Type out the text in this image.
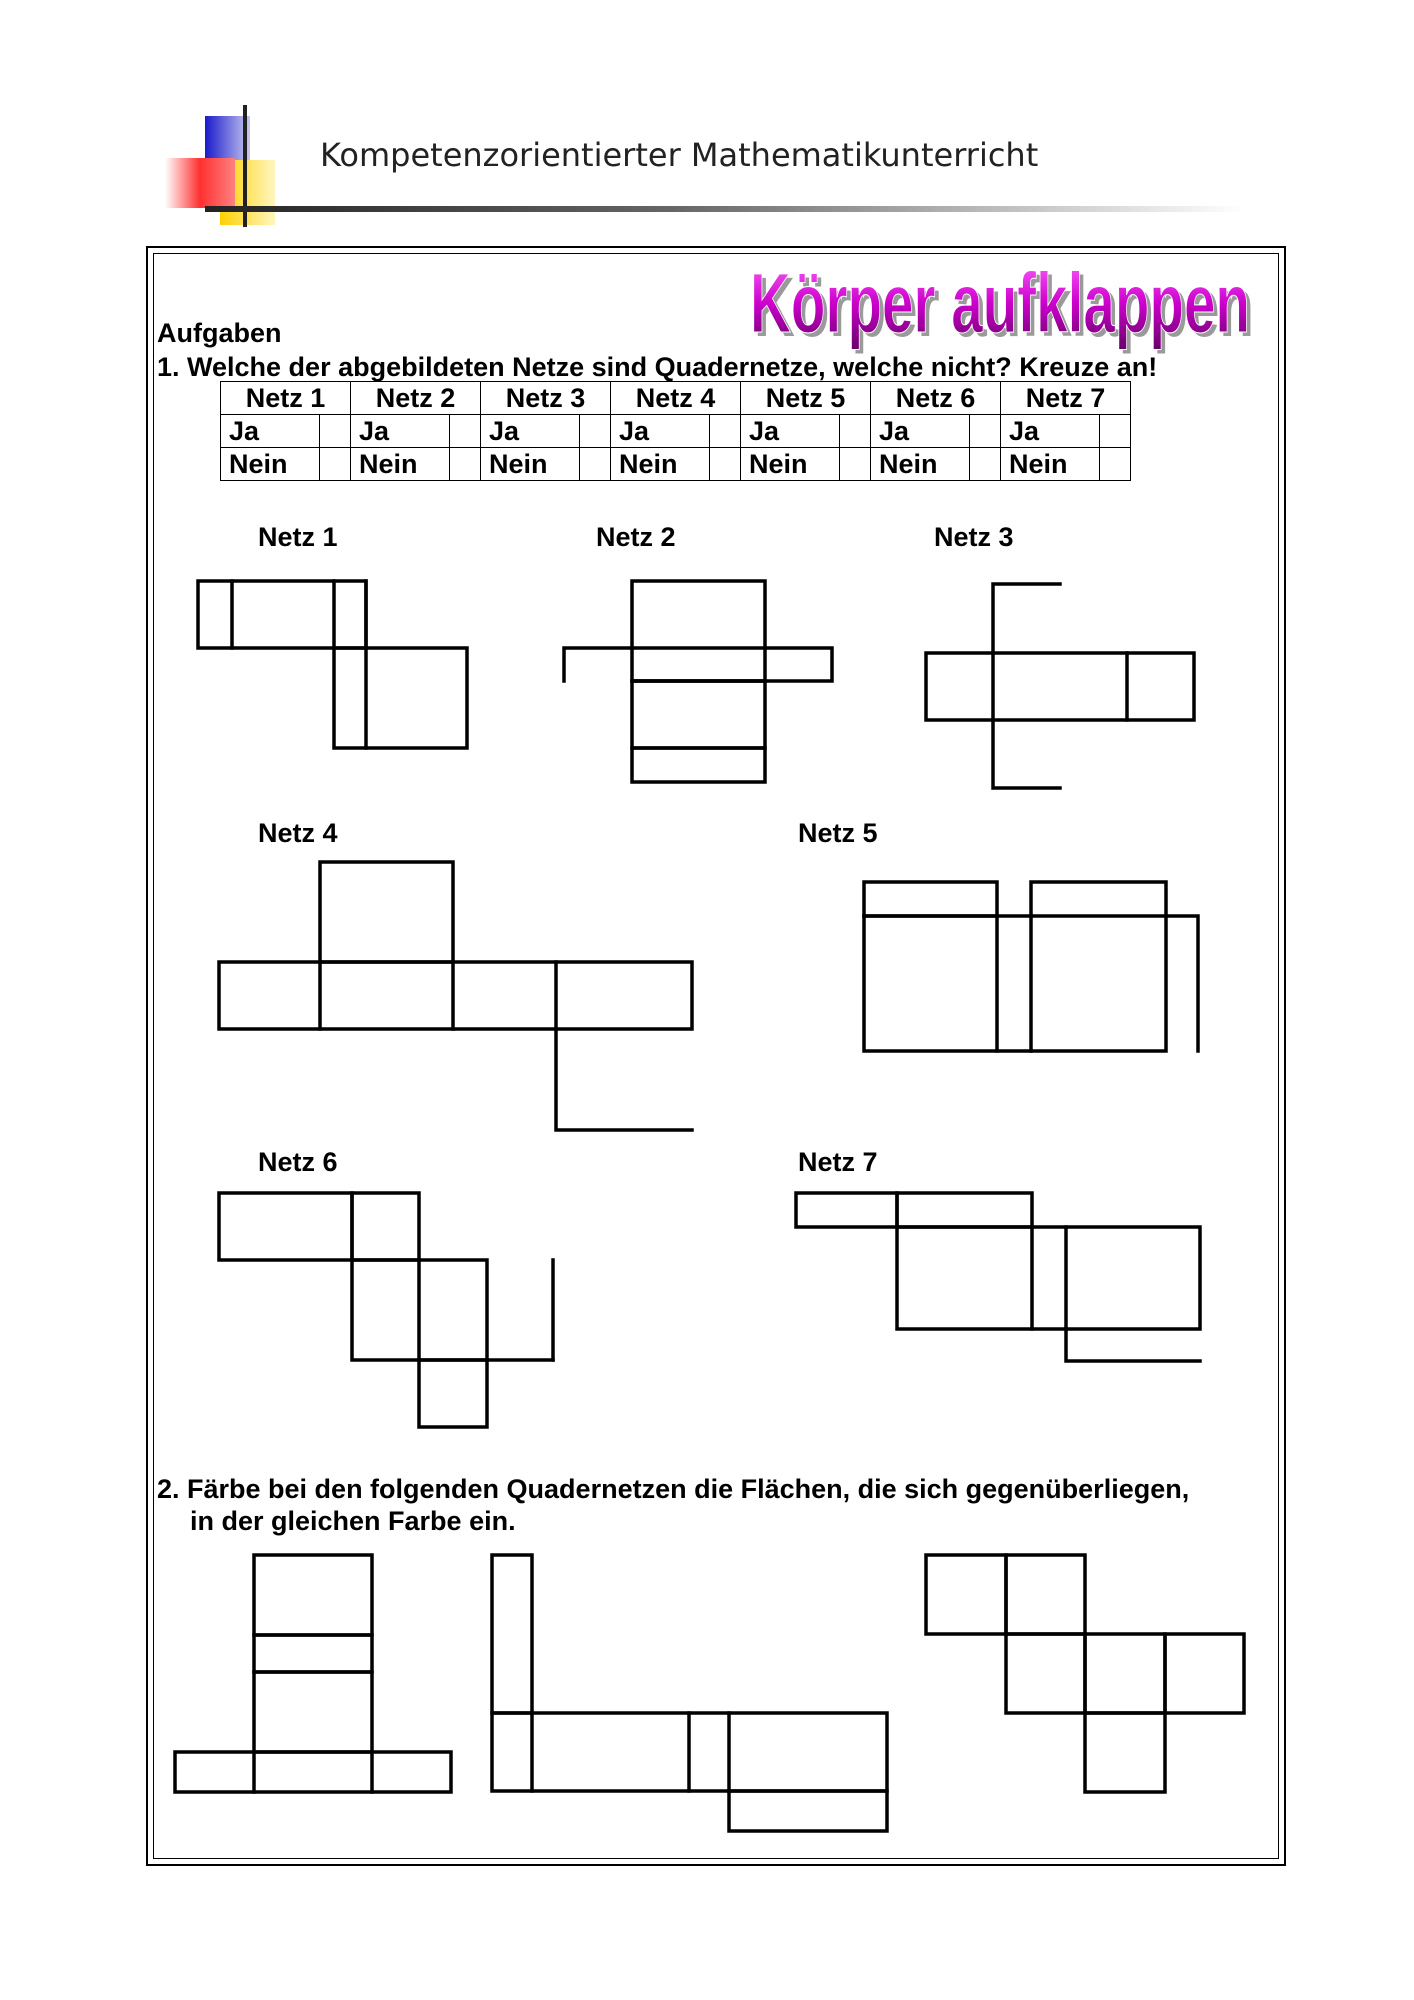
Kompetenzorientierter Mathematikunterricht
Körper aufklappen
Körper aufklappen
Aufgaben
1. Welche der abgebildeten Netze sind Quadernetze, welche nicht? Kreuze an!
Netz 1		Netz 2		Netz 3		Netz 4		Netz 5		Netz 6		Netz 7	
Ja		Ja		Ja		Ja		Ja		Ja		Ja	
Nein		Nein		Nein		Nein		Nein		Nein		Nein	
Netz 1	Netz 2	Netz 3
Netz 4	Netz 5
Netz 6	Netz 7
2. Färbe bei den folgenden Quadernetzen die Flächen, die sich gegenüberliegen,
in der gleichen Farbe ein.
